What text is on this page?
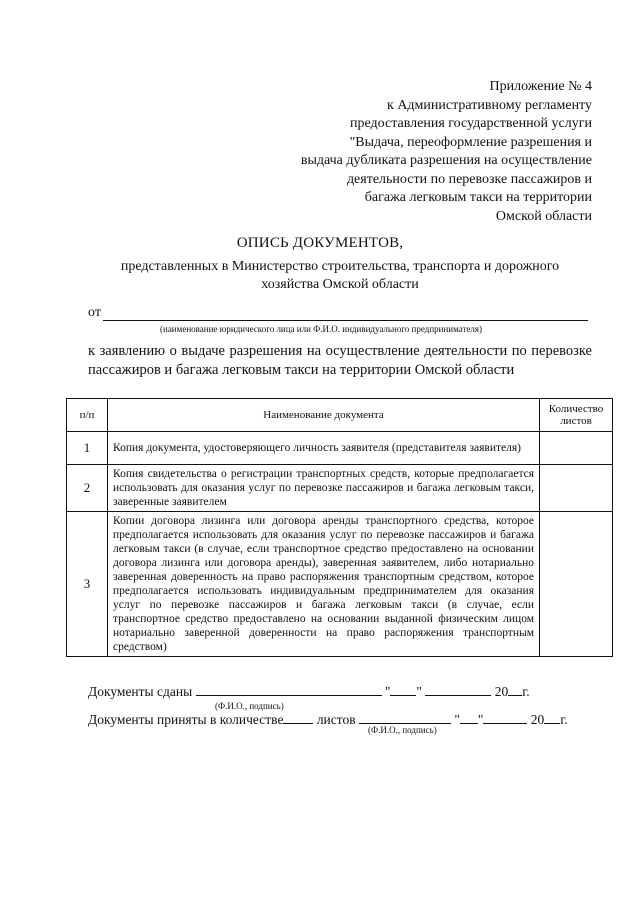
Приложение № 4
к Административному регламенту
предоставления государственной услуги
"Выдача, переоформление разрешения и
выдача дубликата разрешения на осуществление
деятельности по перевозке пассажиров и
багажа легковым такси на территории
Омской области
ОПИСЬ ДОКУМЕНТОВ,
представленных в Министерство строительства, транспорта и дорожного
хозяйства Омской области
от
(наименование юридического лица или Ф.И.О. индивидуального предпринимателя)
к заявлению о выдаче разрешения на осуществление деятельности по перевозке пассажиров и багажа легковым такси на территории Омской области
п/п	Наименование документа	Количество листов
1	Копия документа, удостоверяющего личность заявителя (представителя заявителя)	
2	Копия свидетельства о регистрации транспортных средств, которые предполагается использовать для оказания услуг по перевозке пассажиров и багажа легковым такси, заверенные заявителем	
3	Копии договора лизинга или договора аренды транспортного средства, которое предполагается использовать для оказания услуг по перевозке пассажиров и багажа легковым такси (в случае, если транспортное средство предоставлено на основании договора лизинга или договора аренды), заверенная заявителем, либо нотариально заверенная доверенность на право распоряжения транспортным средством, которое предполагается использовать индивидуальным предпринимателем для оказания услуг по перевозке пассажиров и багажа легковым такси (в случае, если транспортное средство предоставлено на основании выданной физическим лицом нотариально заверенной доверенности на право распоряжения транспортным средством)	
Документы сданы	" "	20 г.
(Ф.И.О., подпись)
Документы приняты в количестве листов	" "	20 г.
(Ф.И.О., подпись)
